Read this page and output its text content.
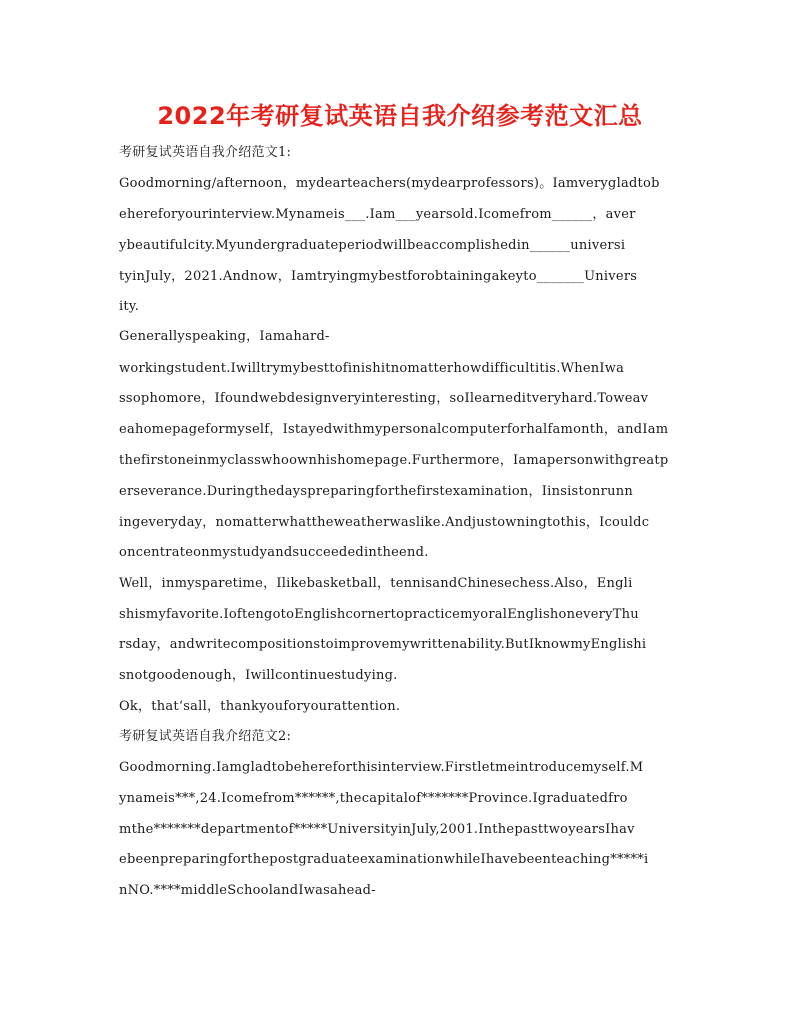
2022年考研复试英语自我介绍参考范文汇总
考研复试英语自我介绍范文1:
Goodmorning/afternoon，mydearteachers(mydearprofessors)。Iamverygladtob
ehereforyourinterview.Mynameis___.Iam___yearsold.Icomefrom______，aver
ybeautifulcity.Myundergraduateperiodwillbeaccomplishedin______universi
tyinJuly，2021.Andnow，Iamtryingmybestforobtainingakeyto_______Univers
ity.
Generallyspeaking，Iamahard-
workingstudent.Iwilltrymybesttofinishitnomatterhowdifficultitis.WhenIwa
ssophomore，Ifoundwebdesignveryinteresting，soIlearneditveryhard.Toweav
eahomepageformyself，Istayedwithmypersonalcomputerforhalfamonth，andIam
thefirstoneinmyclasswhoownhishomepage.Furthermore，Iamapersonwithgreatp
erseverance.Duringthedayspreparingforthefirstexamination，Iinsistonrunn
ingeveryday，nomatterwhattheweatherwaslike.Andjustowningtothis，Icouldc
oncentrateonmystudyandsucceededintheend.
Well，inmysparetime，Ilikebasketball，tennisandChinesechess.Also，Engli
shismyfavorite.IoftengotoEnglishcornertopracticemyoralEnglishoneveryThu
rsday，andwritecompositionstoimprovemywrittenability.ButIknowmyEnglishi
snotgoodenough，Iwillcontinuestudying.
Ok，that‘sall，thankyouforyourattention.
考研复试英语自我介绍范文2:
Goodmorning.Iamgladtobehereforthisinterview.Firstletmeintroducemyself.M
ynameis***,24.Icomefrom******,thecapitalof*******Province.Igraduatedfro
mthe*******departmentof*****UniversityinJuly,2001.InthepasttwoyearsIhav
ebeenpreparingforthepostgraduateexaminationwhileIhavebeenteaching*****i
nNO.****middleSchoolandIwasahead-
